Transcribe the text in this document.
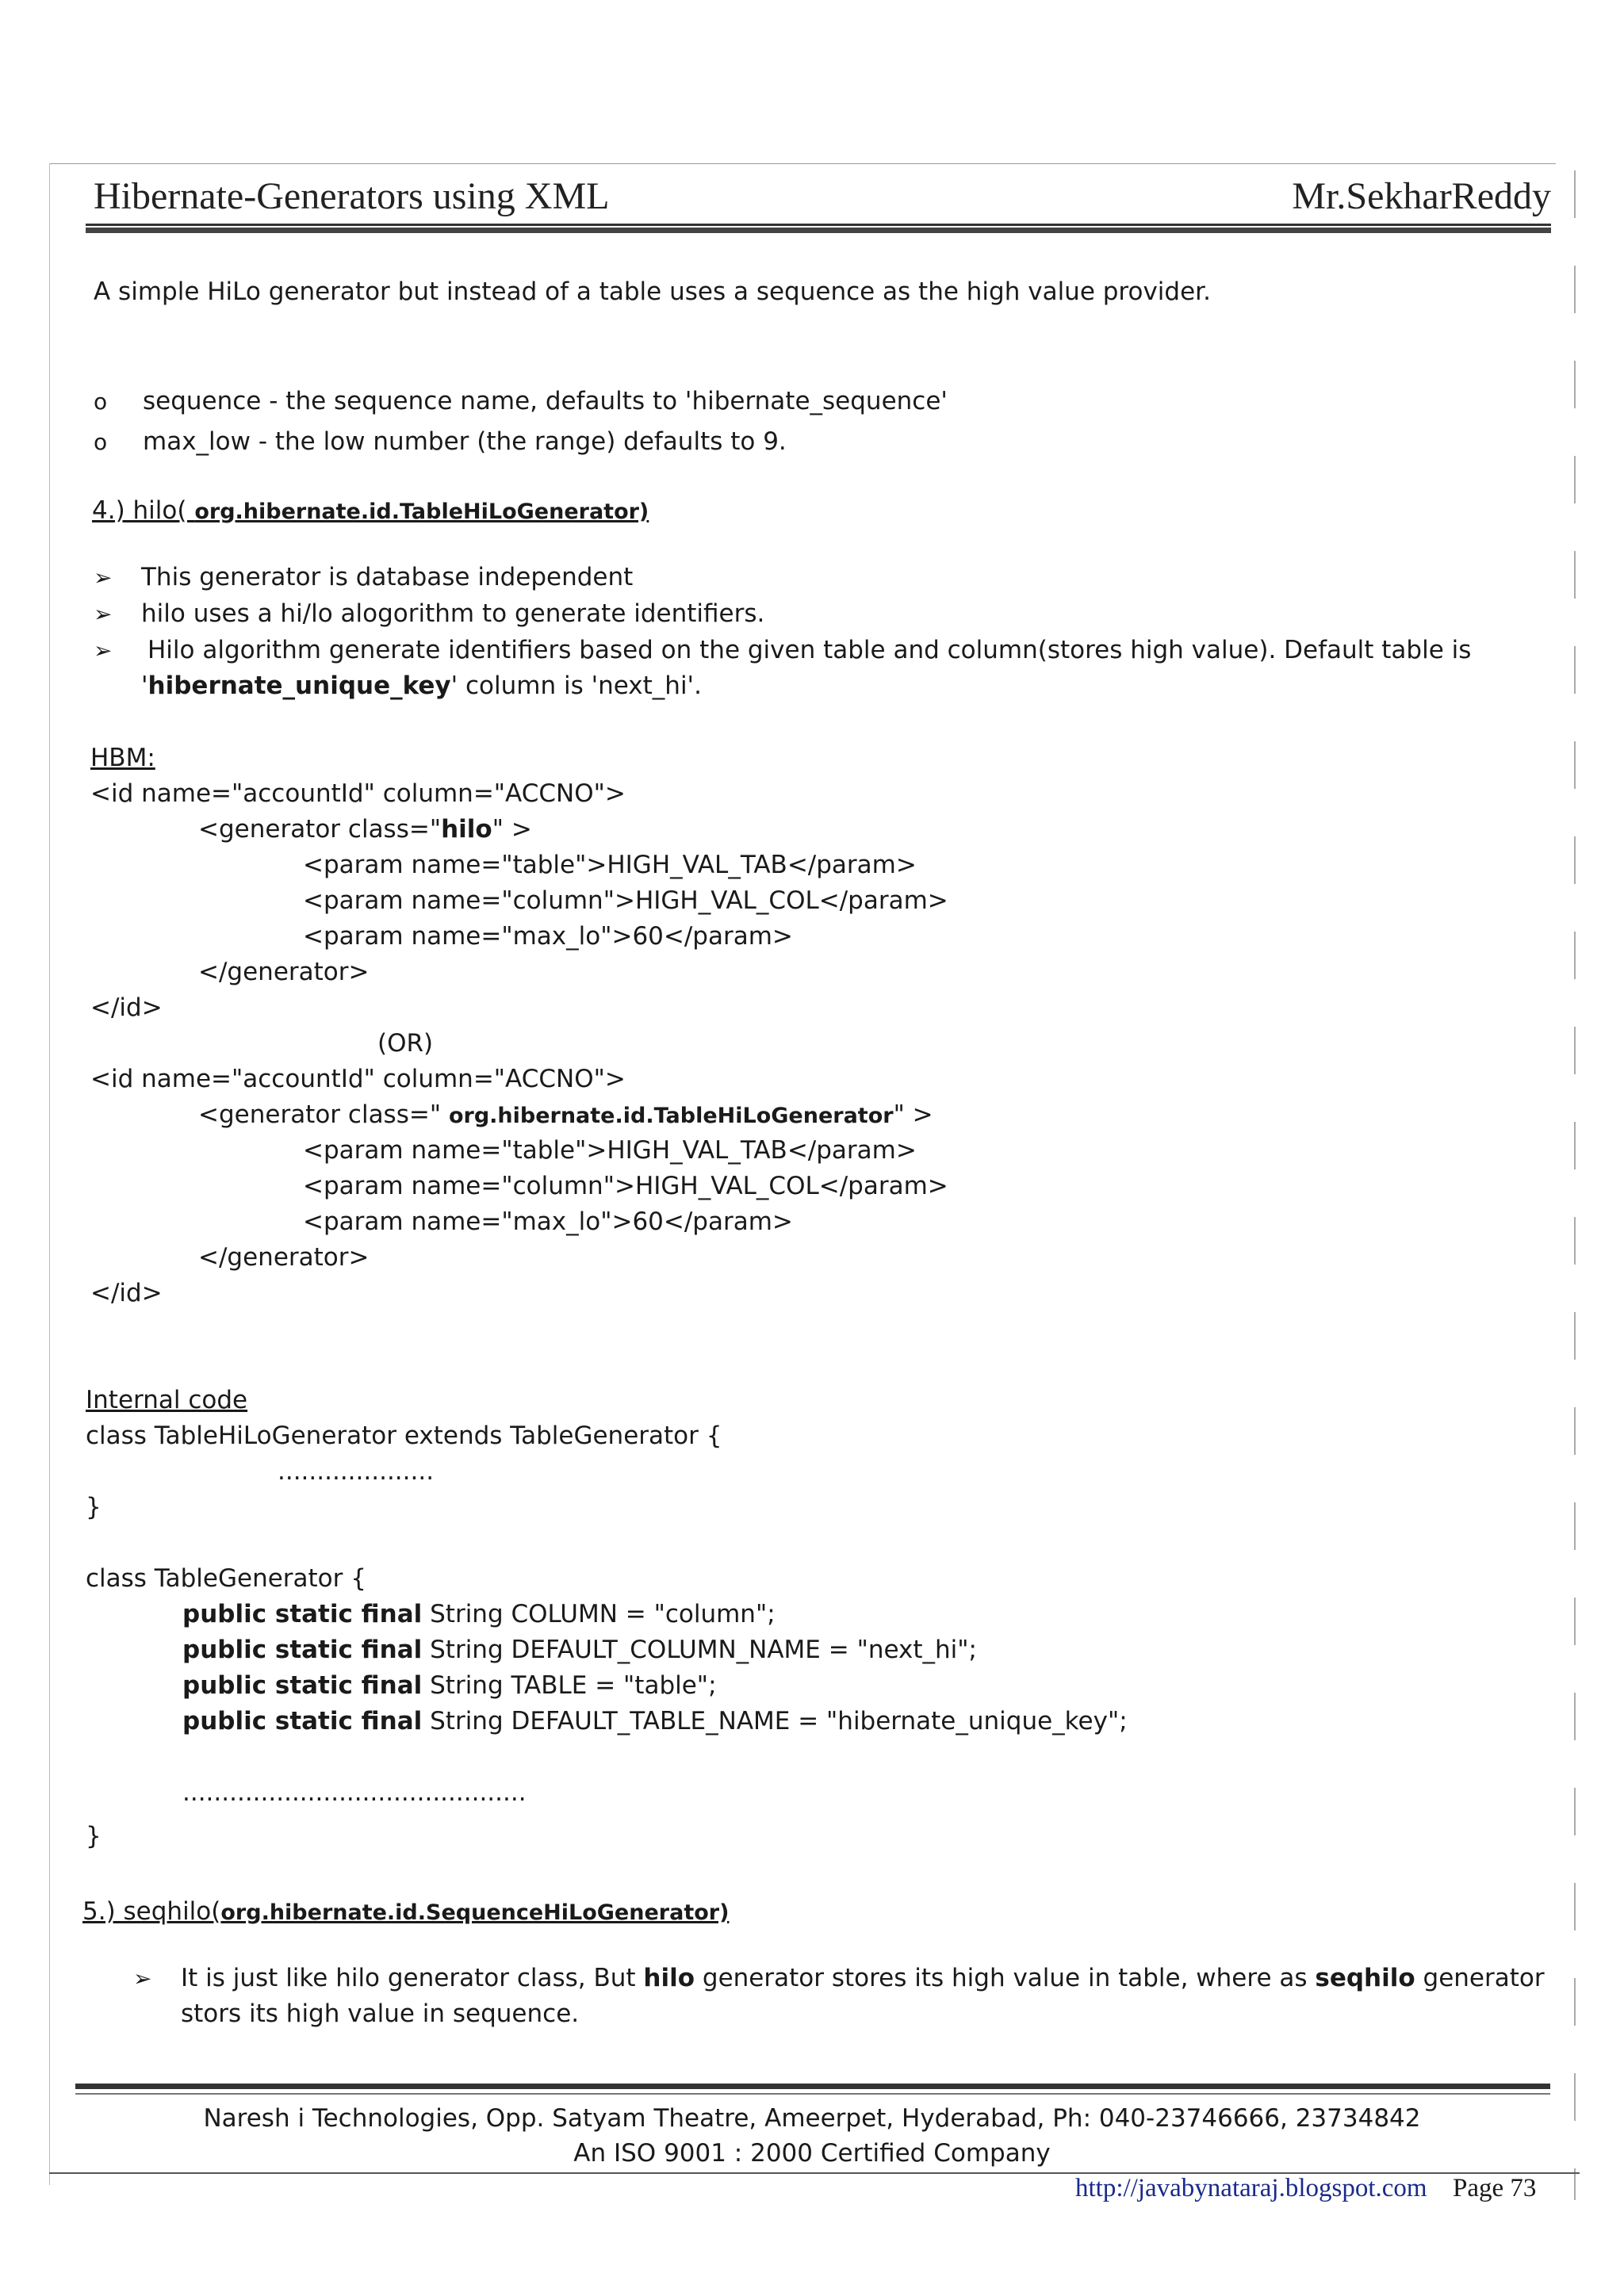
Hibernate-Generators using XML	Mr.SekharReddy
A simple HiLo generator but instead of a table uses a sequence as the high value provider.
o sequence - the sequence name, defaults to 'hibernate_sequence'
o max_low - the low number (the range) defaults to 9.
4.) hilo( org.hibernate.id.TableHiLoGenerator)
➢ This generator is database independent
➢ hilo uses a hi/lo alogorithm to generate identifiers.
➢ Hilo algorithm generate identifiers based on the given table and column(stores high value). Default table is
'hibernate_unique_key' column is 'next_hi'.
HBM:
<id name="accountId" column="ACCNO">
<generator class="hilo" >
<param name="table">HIGH_VAL_TAB</param>
<param name="column">HIGH_VAL_COL</param>
<param name="max_lo">60</param>
</generator>
</id>
(OR)
<id name="accountId" column="ACCNO">
<generator class=" org.hibernate.id.TableHiLoGenerator" >
<param name="table">HIGH_VAL_TAB</param>
<param name="column">HIGH_VAL_COL</param>
<param name="max_lo">60</param>
</generator>
</id>
Internal code
class TableHiLoGenerator extends TableGenerator {
....................
}
class TableGenerator {
public static final String COLUMN = "column";
public static final String DEFAULT_COLUMN_NAME = "next_hi";
public static final String TABLE = "table";
public static final String DEFAULT_TABLE_NAME = "hibernate_unique_key";
............................................
}
5.) seqhilo(org.hibernate.id.SequenceHiLoGenerator)
➢ It is just like hilo generator class, But hilo generator stores its high value in table, where as seqhilo generator
stors its high value in sequence.
Naresh i Technologies, Opp. Satyam Theatre, Ameerpet, Hyderabad, Ph: 040-23746666, 23734842
An ISO 9001 : 2000 Certified Company
http://javabynataraj.blogspot.com Page 73
